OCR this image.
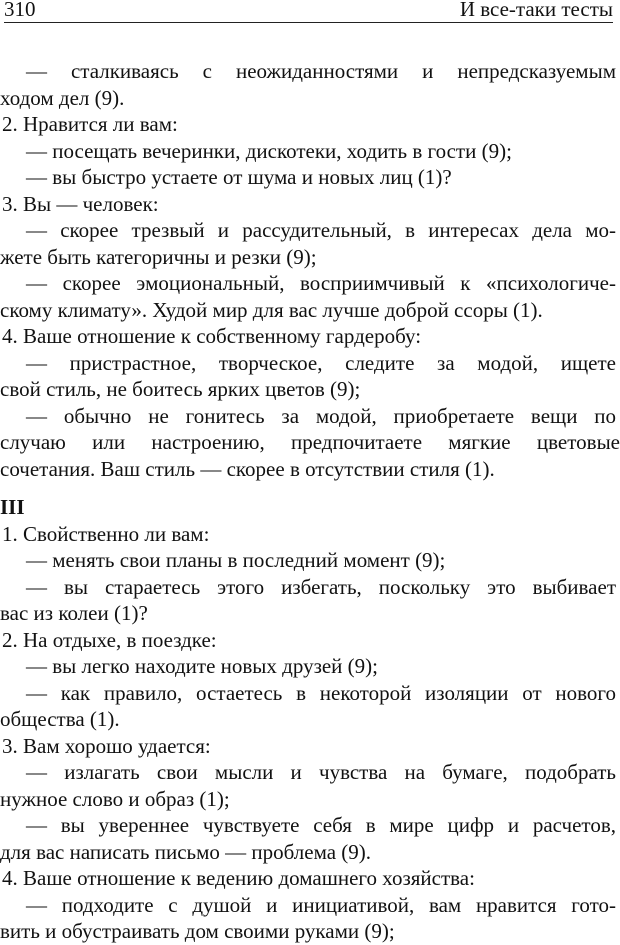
310	И все-таки тесты
— сталкиваясь с неожиданностями и непредсказуемым
ходом дел (9).
2. Нравится ли вам:
— посещать вечеринки, дискотеки, ходить в гости (9);
— вы быстро устаете от шума и новых лиц (1)?
3. Вы — человек:
— скорее трезвый и рассудительный, в интересах дела мо-
жете быть категоричны и резки (9);
— скорее эмоциональный, восприимчивый к «психологиче-
скому климату». Худой мир для вас лучше доброй ссоры (1).
4. Ваше отношение к собственному гардеробу:
— пристрастное, творческое, следите за модой, ищете
свой стиль, не боитесь ярких цветов (9);
— обычно не гонитесь за модой, приобретаете вещи по
случаю или настроению, предпочитаете мягкие цветовые
сочетания. Ваш стиль — скорее в отсутствии стиля (1).
III
1. Свойственно ли вам:
— менять свои планы в последний момент (9);
— вы стараетесь этого избегать, поскольку это выбивает
вас из колеи (1)?
2. На отдыхе, в поездке:
— вы легко находите новых друзей (9);
— как правило, остаетесь в некоторой изоляции от нового
общества (1).
3. Вам хорошо удается:
— излагать свои мысли и чувства на бумаге, подобрать
нужное слово и образ (1);
— вы увереннее чувствуете себя в мире цифр и расчетов,
для вас написать письмо — проблема (9).
4. Ваше отношение к ведению домашнего хозяйства:
— подходите с душой и инициативой, вам нравится гото-
вить и обустраивать дом своими руками (9);
